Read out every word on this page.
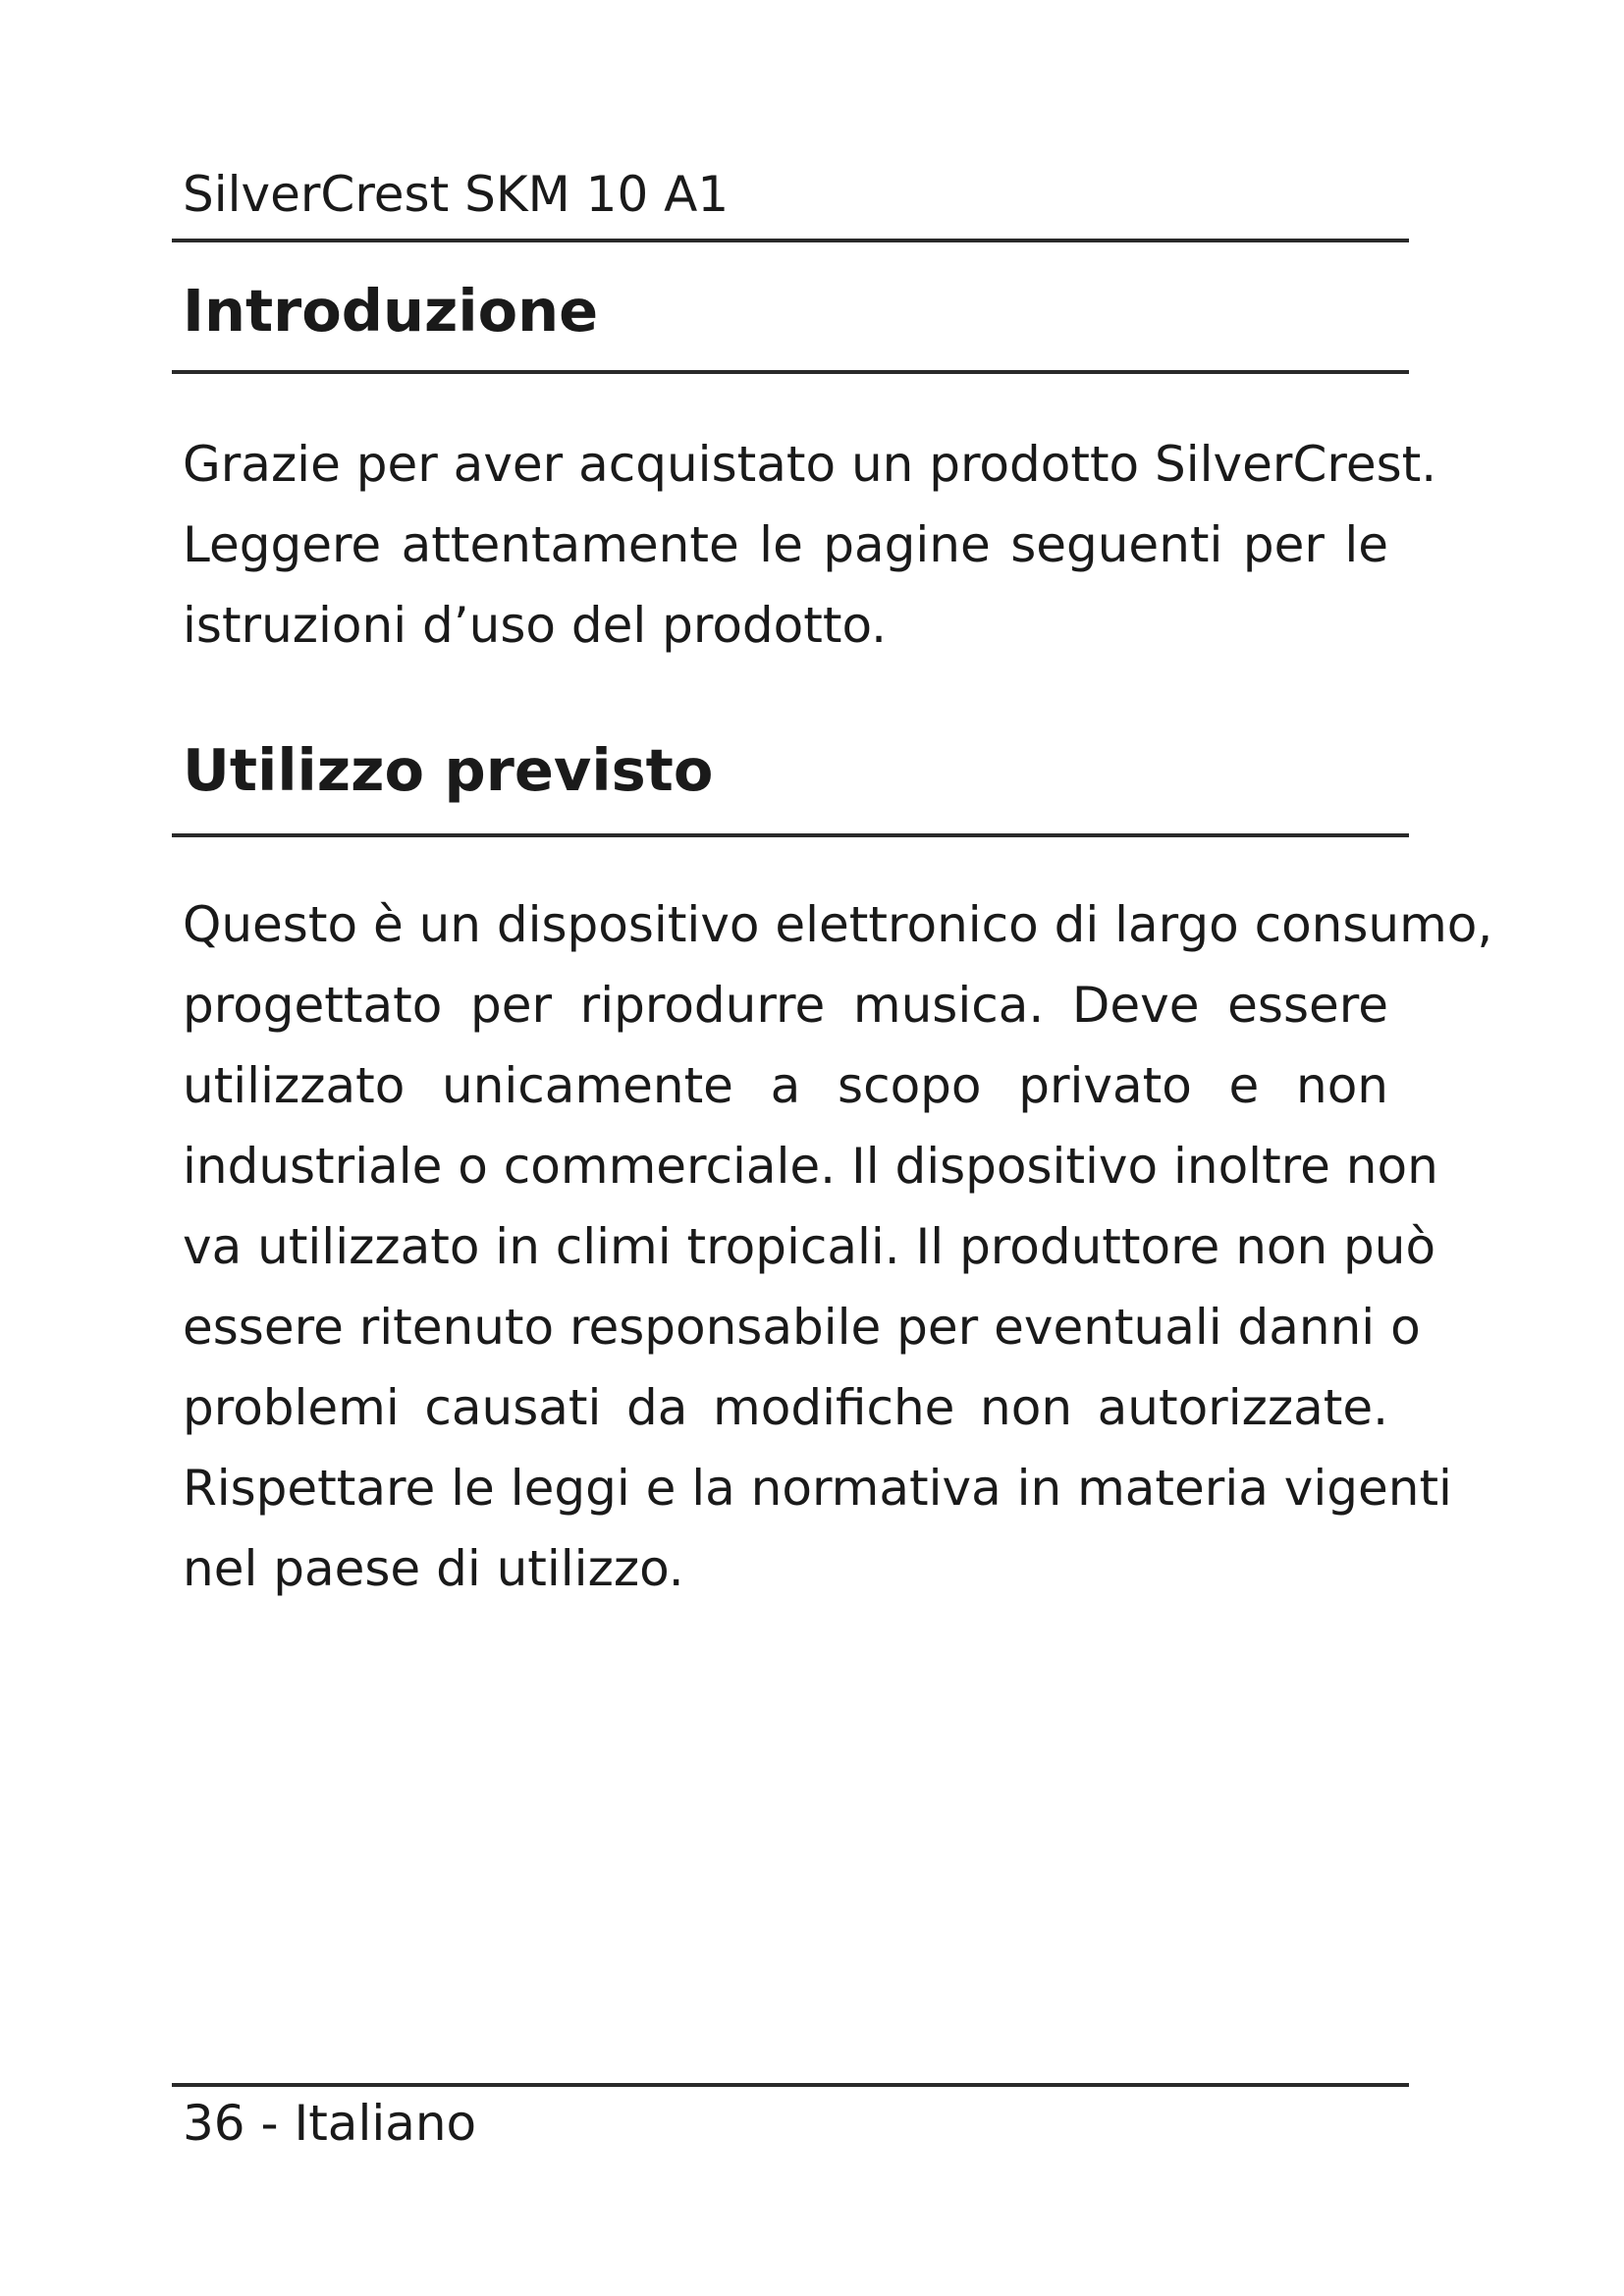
SilverCrest SKM 10 A1
Introduzione
Grazie per aver acquistato un prodotto SilverCrest.
Leggere attentamente le pagine seguenti per le
istruzioni d’uso del prodotto.
Utilizzo previsto
Questo è un dispositivo elettronico di largo consumo,
progettato per riprodurre musica. Deve essere
utilizzato unicamente a scopo privato e non
industriale o commerciale. Il dispositivo inoltre non
va utilizzato in climi tropicali. Il produttore non può
essere ritenuto responsabile per eventuali danni o
problemi causati da modifiche non autorizzate.
Rispettare le leggi e la normativa in materia vigenti
nel paese di utilizzo.
36 - Italiano
